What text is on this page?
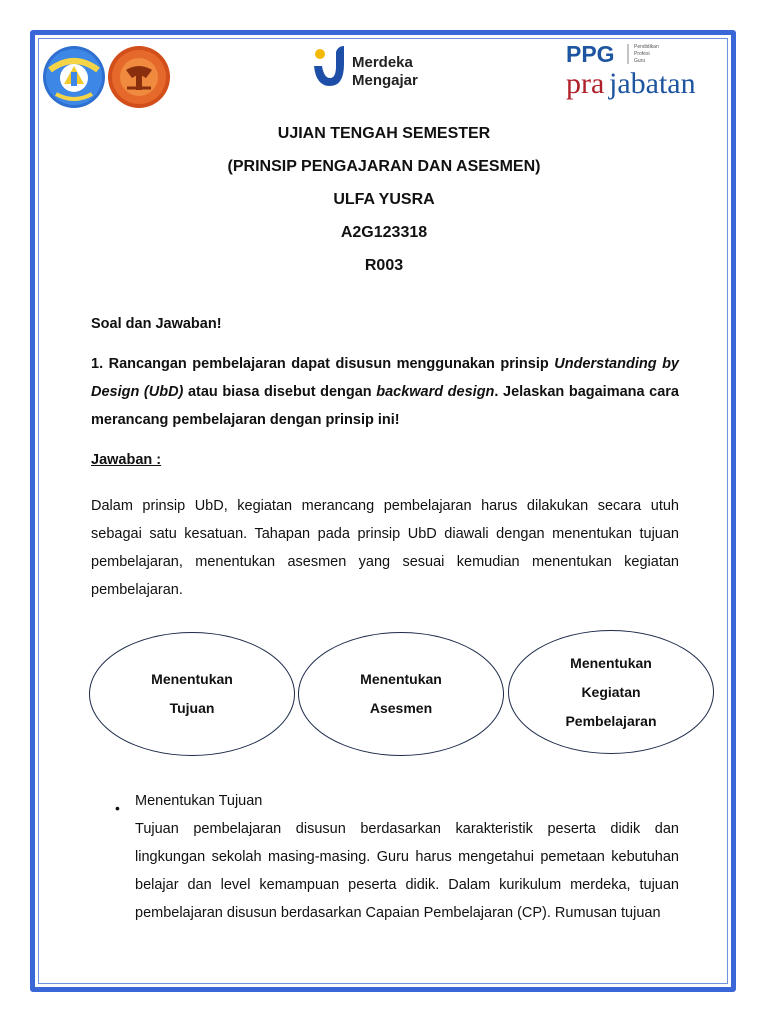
Merdeka
Mengajar
PPG	Pendidikan
Profesi
Guru
pra jabatan
UJIAN TENGAH SEMESTER
(PRINSIP PENGAJARAN DAN ASESMEN)
ULFA YUSRA
A2G123318
R003
Soal dan Jawaban!
1. Rancangan pembelajaran dapat disusun menggunakan prinsip Understanding by Design (UbD) atau biasa disebut dengan backward design. Jelaskan bagaimana cara merancang pembelajaran dengan prinsip ini!
Jawaban :
Dalam prinsip UbD, kegiatan merancang pembelajaran harus dilakukan secara utuh sebagai satu kesatuan. Tahapan pada prinsip UbD diawali dengan menentukan tujuan pembelajaran, menentukan asesmen yang sesuai kemudian menentukan kegiatan pembelajaran.
Menentukan
Tujuan
Menentukan
Asesmen
Menentukan
Kegiatan
Pembelajaran
• Menentukan Tujuan
Tujuan pembelajaran disusun berdasarkan karakteristik peserta didik dan lingkungan sekolah masing-masing. Guru harus mengetahui pemetaan kebutuhan belajar dan level kemampuan peserta didik. Dalam kurikulum merdeka, tujuan pembelajaran disusun berdasarkan Capaian Pembelajaran (CP). Rumusan tujuan
